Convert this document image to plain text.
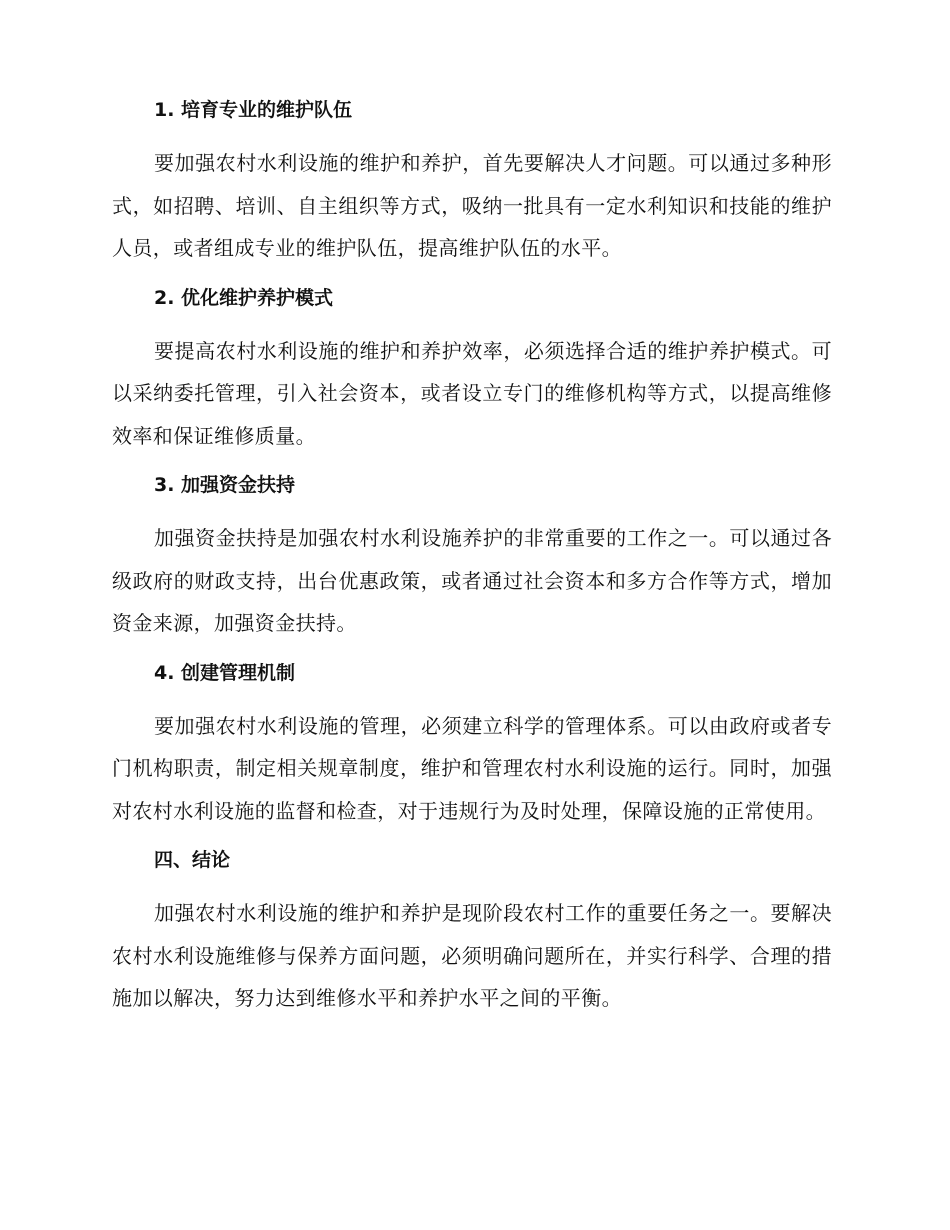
1. 培育专业的维护队伍

要加强农村水利设施的维护和养护，首先要解决人才问题。可以通过多种形式，如招聘、培训、自主组织等方式，吸纳一批具有一定水利知识和技能的维护人员，或者组成专业的维护队伍，提高维护队伍的水平。

2. 优化维护养护模式

要提高农村水利设施的维护和养护效率，必须选择合适的维护养护模式。可以采纳委托管理，引入社会资本，或者设立专门的维修机构等方式，以提高维修效率和保证维修质量。

3. 加强资金扶持

加强资金扶持是加强农村水利设施养护的非常重要的工作之一。可以通过各级政府的财政支持，出台优惠政策，或者通过社会资本和多方合作等方式，增加资金来源，加强资金扶持。

4. 创建管理机制

要加强农村水利设施的管理，必须建立科学的管理体系。可以由政府或者专门机构职责，制定相关规章制度，维护和管理农村水利设施的运行。同时，加强对农村水利设施的监督和检查，对于违规行为及时处理，保障设施的正常使用。

四、结论

加强农村水利设施的维护和养护是现阶段农村工作的重要任务之一。要解决农村水利设施维修与保养方面问题，必须明确问题所在，并实行科学、合理的措施加以解决，努力达到维修水平和养护水平之间的平衡。
